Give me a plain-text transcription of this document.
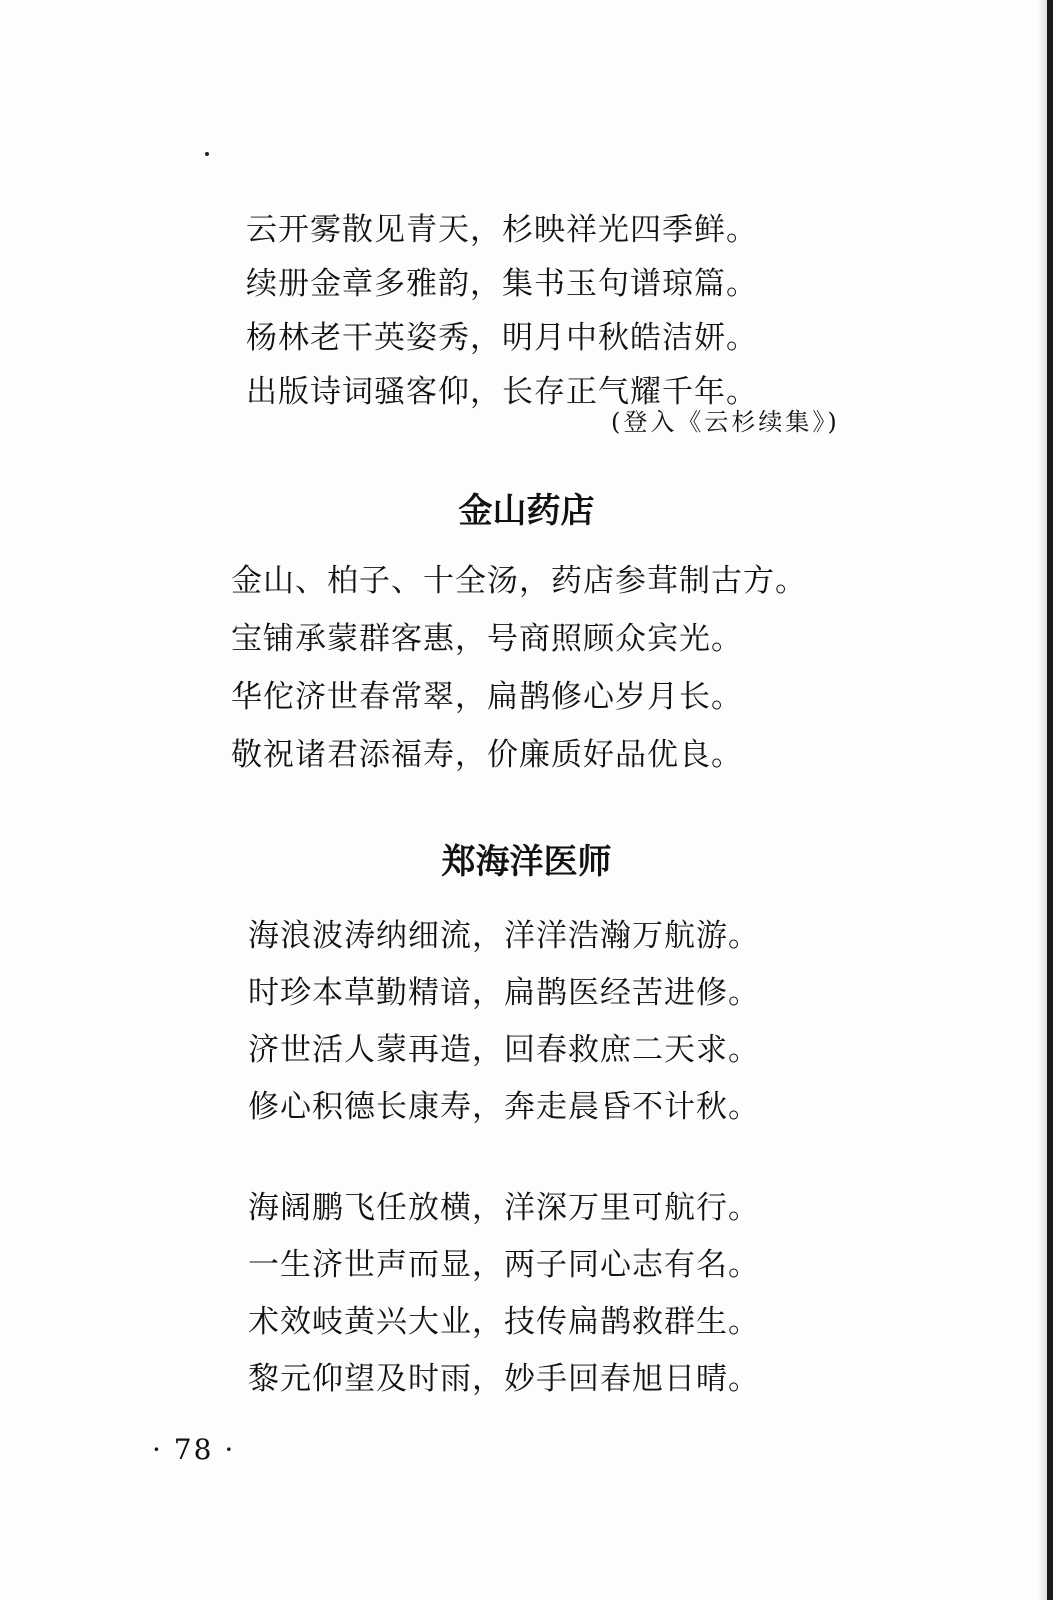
云开雾散见青天，杉映祥光四季鲜。
续册金章多雅韵，集书玉句谱琼篇。
杨林老干英姿秀，明月中秋皓洁妍。
出版诗词骚客仰，长存正气耀千年。
(登入《云杉续集》)
金山药店
金山、柏子、十全汤，药店参茸制古方。
宝铺承蒙群客惠，号商照顾众宾光。
华佗济世春常翠，扁鹊修心岁月长。
敬祝诸君添福寿，价廉质好品优良。
郑海洋医师
海浪波涛纳细流，洋洋浩瀚万航游。
时珍本草勤精谙，扁鹊医经苦进修。
济世活人蒙再造，回春救庶二天求。
修心积德长康寿，奔走晨昏不计秋。
海阔鹏飞任放横，洋深万里可航行。
一生济世声而显，两子同心志有名。
术效岐黄兴大业，技传扁鹊救群生。
黎元仰望及时雨，妙手回春旭日晴。
· 78 ·
